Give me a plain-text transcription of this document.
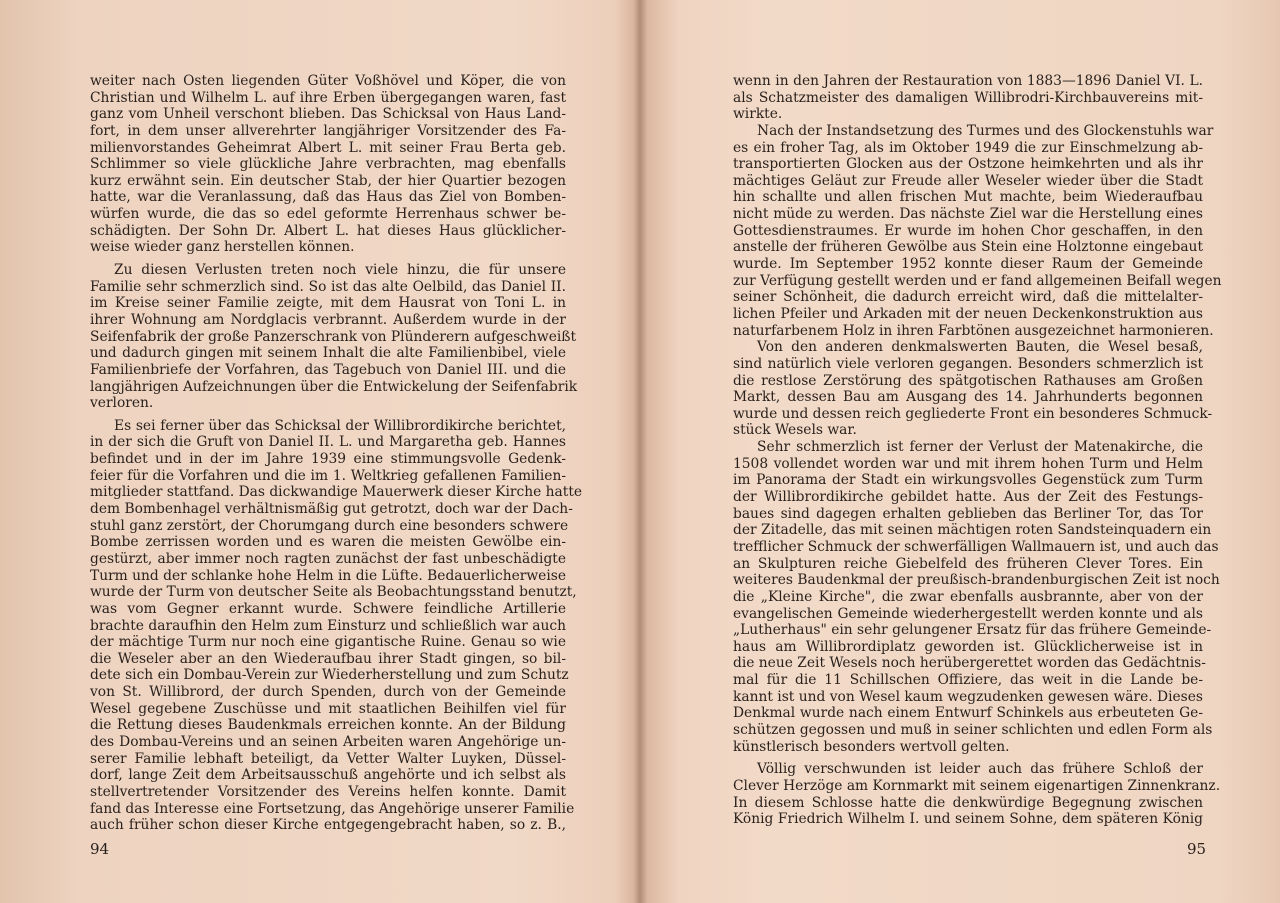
weiter nach Osten liegenden Güter Voßhövel und Köper, die von
Christian und Wilhelm L. auf ihre Erben übergegangen waren, fast
ganz vom Unheil verschont blieben. Das Schicksal von Haus Land-
fort, in dem unser allverehrter langjähriger Vorsitzender des Fa-
milienvorstandes Geheimrat Albert L. mit seiner Frau Berta geb.
Schlimmer so viele glückliche Jahre verbrachten, mag ebenfalls
kurz erwähnt sein. Ein deutscher Stab, der hier Quartier bezogen
hatte, war die Veranlassung, daß das Haus das Ziel von Bomben-
würfen wurde, die das so edel geformte Herrenhaus schwer be-
schädigten. Der Sohn Dr. Albert L. hat dieses Haus glücklicher-
weise wieder ganz herstellen können.
Zu diesen Verlusten treten noch viele hinzu, die für unsere
Familie sehr schmerzlich sind. So ist das alte Oelbild, das Daniel II.
im Kreise seiner Familie zeigte, mit dem Hausrat von Toni L. in
ihrer Wohnung am Nordglacis verbrannt. Außerdem wurde in der
Seifenfabrik der große Panzerschrank von Plünderern aufgeschweißt
und dadurch gingen mit seinem Inhalt die alte Familienbibel, viele
Familienbriefe der Vorfahren, das Tagebuch von Daniel III. und die
langjährigen Aufzeichnungen über die Entwickelung der Seifenfabrik
verloren.
Es sei ferner über das Schicksal der Willibrordikirche berichtet,
in der sich die Gruft von Daniel II. L. und Margaretha geb. Hannes
befindet und in der im Jahre 1939 eine stimmungsvolle Gedenk-
feier für die Vorfahren und die im 1. Weltkrieg gefallenen Familien-
mitglieder stattfand. Das dickwandige Mauerwerk dieser Kirche hatte
dem Bombenhagel verhältnismäßig gut getrotzt, doch war der Dach-
stuhl ganz zerstört, der Chorumgang durch eine besonders schwere
Bombe zerrissen worden und es waren die meisten Gewölbe ein-
gestürzt, aber immer noch ragten zunächst der fast unbeschädigte
Turm und der schlanke hohe Helm in die Lüfte. Bedauerlicherweise
wurde der Turm von deutscher Seite als Beobachtungsstand benutzt,
was vom Gegner erkannt wurde. Schwere feindliche Artillerie
brachte daraufhin den Helm zum Einsturz und schließlich war auch
der mächtige Turm nur noch eine gigantische Ruine. Genau so wie
die Weseler aber an den Wiederaufbau ihrer Stadt gingen, so bil-
dete sich ein Dombau-Verein zur Wiederherstellung und zum Schutz
von St. Willibrord, der durch Spenden, durch von der Gemeinde
Wesel gegebene Zuschüsse und mit staatlichen Beihilfen viel für
die Rettung dieses Baudenkmals erreichen konnte. An der Bildung
des Dombau-Vereins und an seinen Arbeiten waren Angehörige un-
serer Familie lebhaft beteiligt, da Vetter Walter Luyken, Düssel-
dorf, lange Zeit dem Arbeitsausschuß angehörte und ich selbst als
stellvertretender Vorsitzender des Vereins helfen konnte. Damit
fand das Interesse eine Fortsetzung, das Angehörige unserer Familie
auch früher schon dieser Kirche entgegengebracht haben, so z. B.,
94
wenn in den Jahren der Restauration von 1883—1896 Daniel VI. L.
als Schatzmeister des damaligen Willibrodri-Kirchbauvereins mit-
wirkte.
Nach der Instandsetzung des Turmes und des Glockenstuhls war
es ein froher Tag, als im Oktober 1949 die zur Einschmelzung ab-
transportierten Glocken aus der Ostzone heimkehrten und als ihr
mächtiges Geläut zur Freude aller Weseler wieder über die Stadt
hin schallte und allen frischen Mut machte, beim Wiederaufbau
nicht müde zu werden. Das nächste Ziel war die Herstellung eines
Gottesdienstraumes. Er wurde im hohen Chor geschaffen, in den
anstelle der früheren Gewölbe aus Stein eine Holztonne eingebaut
wurde. Im September 1952 konnte dieser Raum der Gemeinde
zur Verfügung gestellt werden und er fand allgemeinen Beifall wegen
seiner Schönheit, die dadurch erreicht wird, daß die mittelalter-
lichen Pfeiler und Arkaden mit der neuen Deckenkonstruktion aus
naturfarbenem Holz in ihren Farbtönen ausgezeichnet harmonieren.
Von den anderen denkmalswerten Bauten, die Wesel besaß,
sind natürlich viele verloren gegangen. Besonders schmerzlich ist
die restlose Zerstörung des spätgotischen Rathauses am Großen
Markt, dessen Bau am Ausgang des 14. Jahrhunderts begonnen
wurde und dessen reich gegliederte Front ein besonderes Schmuck-
stück Wesels war.
Sehr schmerzlich ist ferner der Verlust der Matenakirche, die
1508 vollendet worden war und mit ihrem hohen Turm und Helm
im Panorama der Stadt ein wirkungsvolles Gegenstück zum Turm
der Willibrordikirche gebildet hatte. Aus der Zeit des Festungs-
baues sind dagegen erhalten geblieben das Berliner Tor, das Tor
der Zitadelle, das mit seinen mächtigen roten Sandsteinquadern ein
trefflicher Schmuck der schwerfälligen Wallmauern ist, und auch das
an Skulpturen reiche Giebelfeld des früheren Clever Tores. Ein
weiteres Baudenkmal der preußisch-brandenburgischen Zeit ist noch
die „Kleine Kirche", die zwar ebenfalls ausbrannte, aber von der
evangelischen Gemeinde wiederhergestellt werden konnte und als
„Lutherhaus" ein sehr gelungener Ersatz für das frühere Gemeinde-
haus am Willibrordiplatz geworden ist. Glücklicherweise ist in
die neue Zeit Wesels noch herübergerettet worden das Gedächtnis-
mal für die 11 Schillschen Offiziere, das weit in die Lande be-
kannt ist und von Wesel kaum wegzudenken gewesen wäre. Dieses
Denkmal wurde nach einem Entwurf Schinkels aus erbeuteten Ge-
schützen gegossen und muß in seiner schlichten und edlen Form als
künstlerisch besonders wertvoll gelten.
Völlig verschwunden ist leider auch das frühere Schloß der
Clever Herzöge am Kornmarkt mit seinem eigenartigen Zinnenkranz.
In diesem Schlosse hatte die denkwürdige Begegnung zwischen
König Friedrich Wilhelm I. und seinem Sohne, dem späteren König
95
